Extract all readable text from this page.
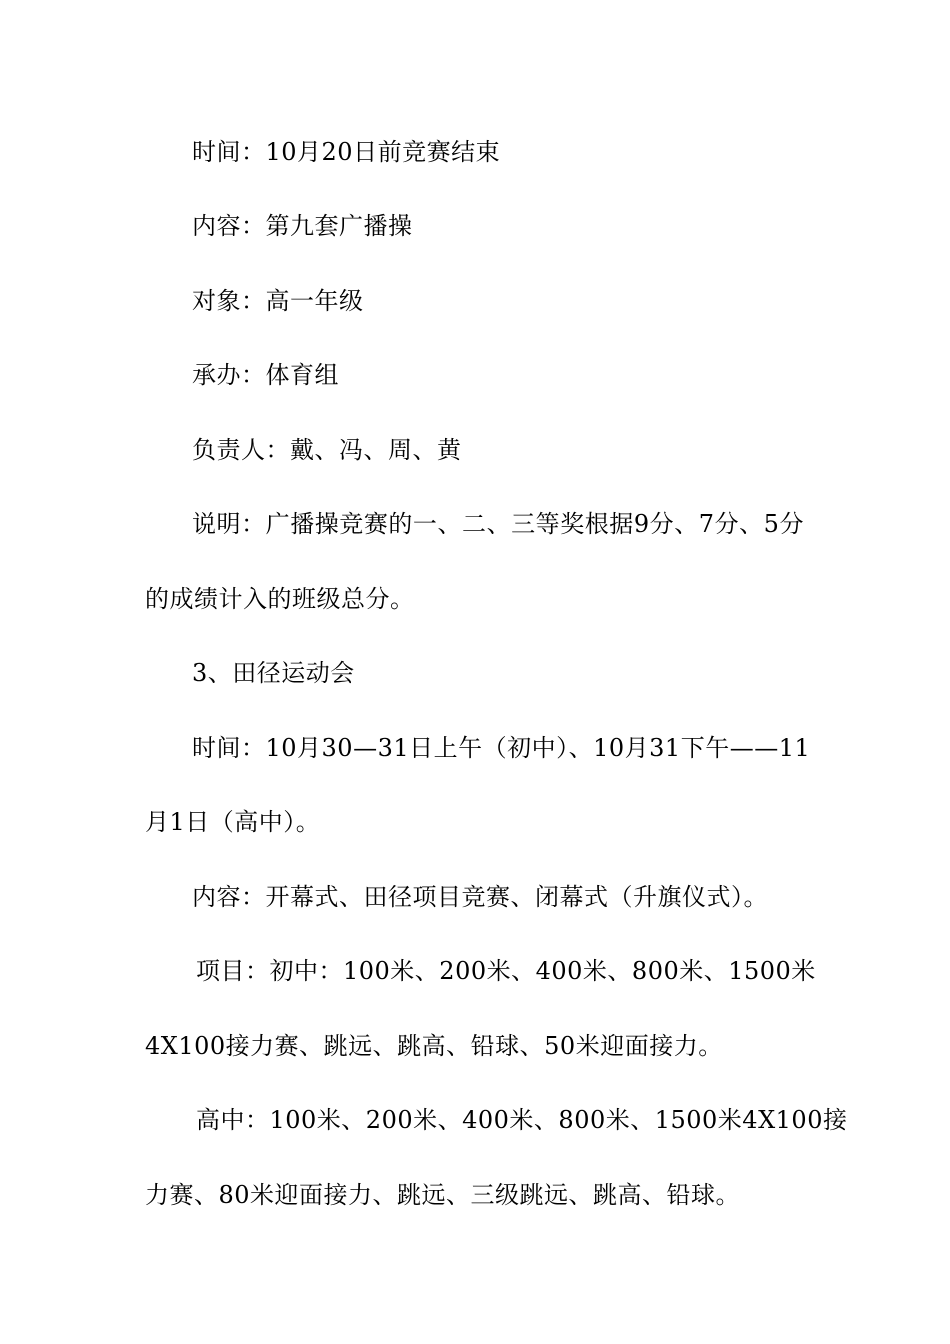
时间：10月20日前竞赛结束
内容：第九套广播操
对象：高一年级
承办：体育组
负责人：戴、冯、周、黄
说明：广播操竞赛的一、二、三等奖根据9分、7分、5分
的成绩计入的班级总分。
3、田径运动会
时间：10月30—31日上午（初中）、10月31下午——11
月1日（高中）。
内容：开幕式、田径项目竞赛、闭幕式（升旗仪式）。
项目：初中：100米、200米、400米、800米、1500米
4X100接力赛、跳远、跳高、铅球、50米迎面接力。
高中：100米、200米、400米、800米、1500米4X100接
力赛、80米迎面接力、跳远、三级跳远、跳高、铅球。
